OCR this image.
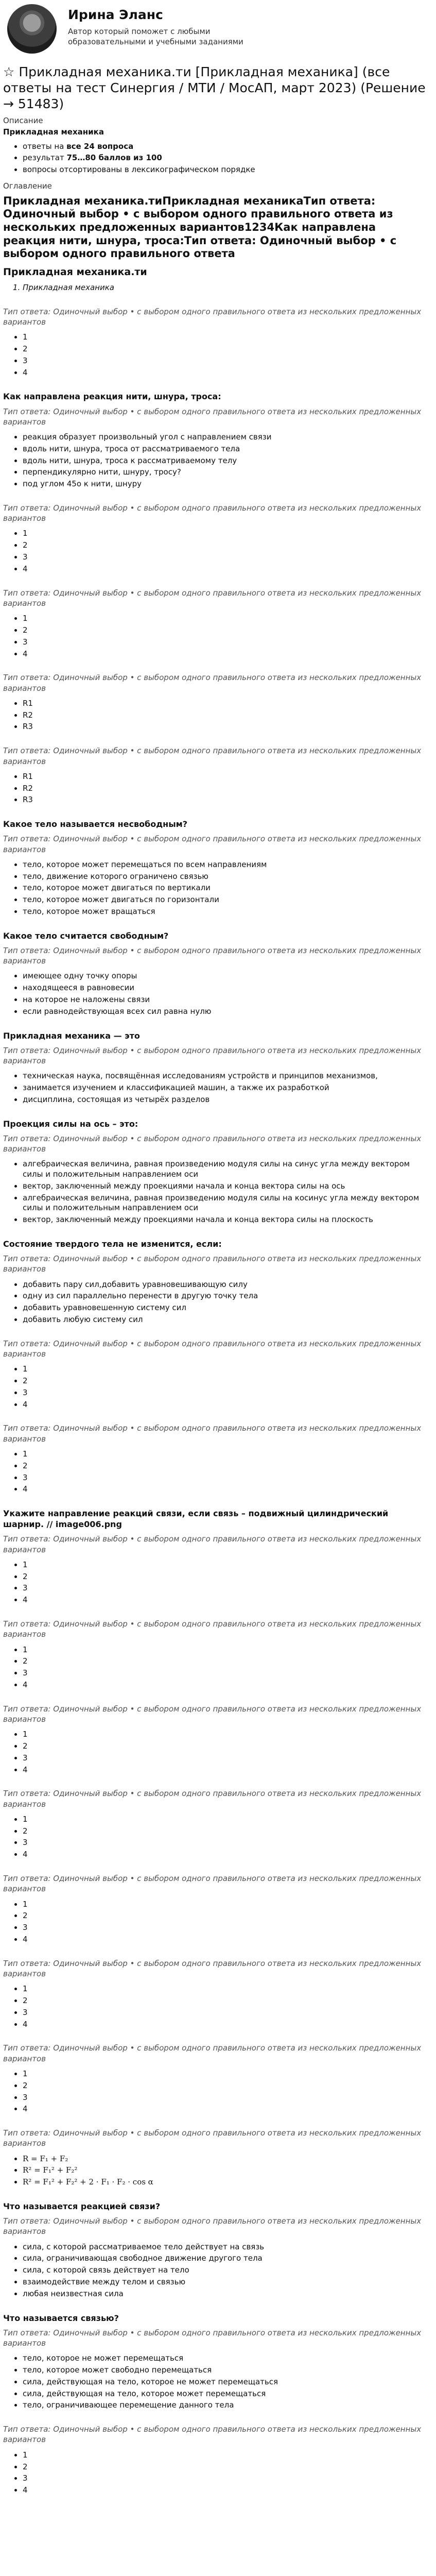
Ирина Эланс
Автор который поможет с любыми образовательными и учебными заданиями
☆ Прикладная механика.ти [Прикладная механика] (все ответы на тест Синергия / МТИ / МосАП, март 2023) (Решение → 51483)
Описание
Прикладная механика
• ответы на все 24 вопроса
• результат 75…80 баллов из 100
• вопросы отсортированы в лексикографическом порядке
Оглавление
Прикладная механика.тиПрикладная механикаТип ответа: Одиночный выбор • с выбором одного правильного ответа из нескольких предложенных вариантов1234Как направлена реакция нити, шнура, троса:Тип ответа: Одиночный выбор • с выбором одного правильного ответа
Прикладная механика.ти
1. Прикладная механика
Тип ответа: Одиночный выбор • с выбором одного правильного ответа из нескольких предложенных вариантов
• 1
• 2
• 3
• 4
Как направлена реакция нити, шнура, троса:
Тип ответа: Одиночный выбор • с выбором одного правильного ответа из нескольких предложенных вариантов
• реакция образует произвольный угол с направлением связи
• вдоль нити, шнура, троса от рассматриваемого тела
• вдоль нити, шнура, троса к рассматриваемому телу
• перпендикулярно нити, шнуру, тросу?
• под углом 45о к нити, шнуру
Тип ответа: Одиночный выбор • с выбором одного правильного ответа из нескольких предложенных вариантов
• 1
• 2
• 3
• 4
Тип ответа: Одиночный выбор • с выбором одного правильного ответа из нескольких предложенных вариантов
• 1
• 2
• 3
• 4
Тип ответа: Одиночный выбор • с выбором одного правильного ответа из нескольких предложенных вариантов
• R1
• R2
• R3
Тип ответа: Одиночный выбор • с выбором одного правильного ответа из нескольких предложенных вариантов
• R1
• R2
• R3
Какое тело называется несвободным?
Тип ответа: Одиночный выбор • с выбором одного правильного ответа из нескольких предложенных вариантов
• тело, которое может перемещаться по всем направлениям
• тело, движение которого ограничено связью
• тело, которое может двигаться по вертикали
• тело, которое может двигаться по горизонтали
• тело, которое может вращаться
Какое тело считается свободным?
Тип ответа: Одиночный выбор • с выбором одного правильного ответа из нескольких предложенных вариантов
• имеющее одну точку опоры
• находящееся в равновесии
• на которое не наложены связи
• если равнодействующая всех сил равна нулю
Прикладная механика — это
Тип ответа: Одиночный выбор • с выбором одного правильного ответа из нескольких предложенных вариантов
• техническая наука, посвящённая исследованиям устройств и принципов механизмов,
• занимается изучением и классификацией машин, а также их разработкой
• дисциплина, состоящая из четырёх разделов
Проекция силы на ось – это:
Тип ответа: Одиночный выбор • с выбором одного правильного ответа из нескольких предложенных вариантов
• алгебраическая величина, равная произведению модуля силы на синус угла между вектором силы и положительным направлением оси
• вектор, заключенный между проекциями начала и конца вектора силы на ось
• алгебраическая величина, равная произведению модуля силы на косинус угла между вектором силы и положительным направлением оси
• вектор, заключенный между проекциями начала и конца вектора силы на плоскость
Состояние твердого тела не изменится, если:
Тип ответа: Одиночный выбор • с выбором одного правильного ответа из нескольких предложенных вариантов
• добавить пару сил,добавить уравновешивающую силу
• одну из сил параллельно перенести в другую точку тела
• добавить уравновешенную систему сил
• добавить любую систему сил
Тип ответа: Одиночный выбор • с выбором одного правильного ответа из нескольких предложенных вариантов
• 1
• 2
• 3
• 4
Тип ответа: Одиночный выбор • с выбором одного правильного ответа из нескольких предложенных вариантов
• 1
• 2
• 3
• 4
Укажите направление реакций связи, если связь – подвижный цилиндрический шарнир. // image006.png
Тип ответа: Одиночный выбор • с выбором одного правильного ответа из нескольких предложенных вариантов
• 1
• 2
• 3
• 4
Тип ответа: Одиночный выбор • с выбором одного правильного ответа из нескольких предложенных вариантов
• 1
• 2
• 3
• 4
Тип ответа: Одиночный выбор • с выбором одного правильного ответа из нескольких предложенных вариантов
• 1
• 2
• 3
• 4
Тип ответа: Одиночный выбор • с выбором одного правильного ответа из нескольких предложенных вариантов
• 1
• 2
• 3
• 4
Тип ответа: Одиночный выбор • с выбором одного правильного ответа из нескольких предложенных вариантов
• 1
• 2
• 3
• 4
Тип ответа: Одиночный выбор • с выбором одного правильного ответа из нескольких предложенных вариантов
• 1
• 2
• 3
• 4
Тип ответа: Одиночный выбор • с выбором одного правильного ответа из нескольких предложенных вариантов
• 1
• 2
• 3
• 4
Тип ответа: Одиночный выбор • с выбором одного правильного ответа из нескольких предложенных вариантов
• R = F₁ + F₂
• R² = F₁² + F₂²
• R² = F₁² + F₂² + 2 · F₁ · F₂ · cos α
Что называется реакцией связи?
Тип ответа: Одиночный выбор • с выбором одного правильного ответа из нескольких предложенных вариантов
• сила, с которой рассматриваемое тело действует на связь
• сила, ограничивающая свободное движение другого тела
• сила, с которой связь действует на тело
• взаимодействие между телом и связью
• любая неизвестная сила
Что называется связью?
Тип ответа: Одиночный выбор • с выбором одного правильного ответа из нескольких предложенных вариантов
• тело, которое не может перемещаться
• тело, которое может свободно перемещаться
• сила, действующая на тело, которое не может перемещаться
• сила, действующая на тело, которое может перемещаться
• тело, ограничивающее перемещение данного тела
Тип ответа: Одиночный выбор • с выбором одного правильного ответа из нескольких предложенных вариантов
• 1
• 2
• 3
• 4
